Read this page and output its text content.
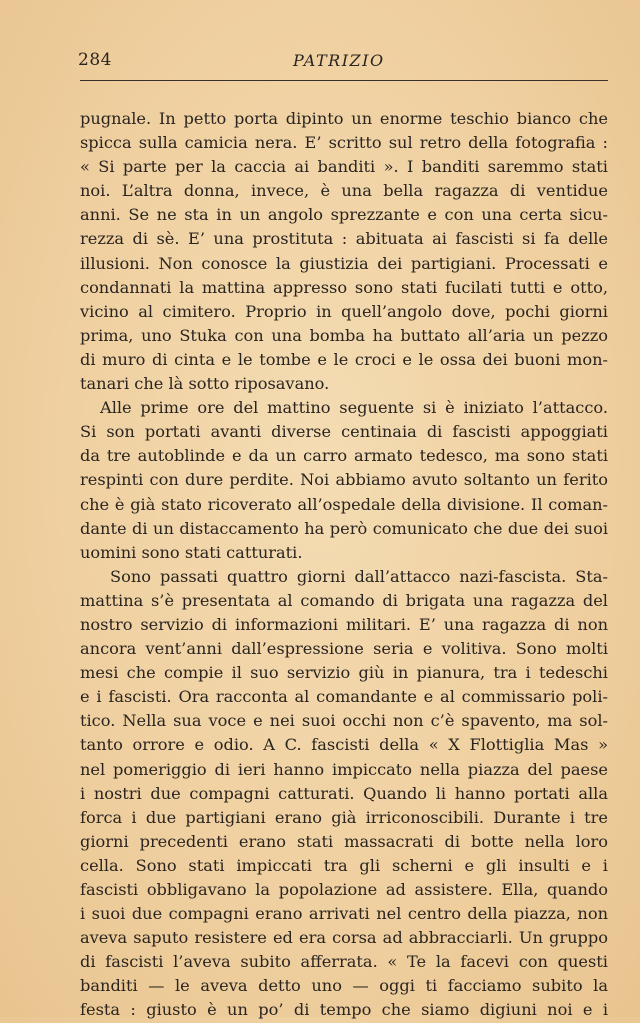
284	PATRIZIO
pugnale. In petto porta dipinto un enorme teschio bianco che
spicca sulla camicia nera. E’ scritto sul retro della fotografia :
« Si parte per la caccia ai banditi ». I banditi saremmo stati
noi. L’altra donna, invece, è una bella ragazza di ventidue
anni. Se ne sta in un angolo sprezzante e con una certa sicu-
rezza di sè. E’ una prostituta : abituata ai fascisti si fa delle
illusioni. Non conosce la giustizia dei partigiani. Processati e
condannati la mattina appresso sono stati fucilati tutti e otto,
vicino al cimitero. Proprio in quell’angolo dove, pochi giorni
prima, uno Stuka con una bomba ha buttato all’aria un pezzo
di muro di cinta e le tombe e le croci e le ossa dei buoni mon-
tanari che là sotto riposavano.
Alle prime ore del mattino seguente si è iniziato l’attacco.
Si son portati avanti diverse centinaia di fascisti appoggiati
da tre autoblinde e da un carro armato tedesco, ma sono stati
respinti con dure perdite. Noi abbiamo avuto soltanto un ferito
che è già stato ricoverato all’ospedale della divisione. Il coman-
dante di un distaccamento ha però comunicato che due dei suoi
uomini sono stati catturati.
Sono passati quattro giorni dall’attacco nazi-fascista. Sta-
mattina s’è presentata al comando di brigata una ragazza del
nostro servizio di informazioni militari. E’ una ragazza di non
ancora vent’anni dall’espressione seria e volitiva. Sono molti
mesi che compie il suo servizio giù in pianura, tra i tedeschi
e i fascisti. Ora racconta al comandante e al commissario poli-
tico. Nella sua voce e nei suoi occhi non c’è spavento, ma sol-
tanto orrore e odio. A C. fascisti della « X Flottiglia Mas »
nel pomeriggio di ieri hanno impiccato nella piazza del paese
i nostri due compagni catturati. Quando li hanno portati alla
forca i due partigiani erano già irriconoscibili. Durante i tre
giorni precedenti erano stati massacrati di botte nella loro
cella. Sono stati impiccati tra gli scherni e gli insulti e i
fascisti obbligavano la popolazione ad assistere. Ella, quando
i suoi due compagni erano arrivati nel centro della piazza, non
aveva saputo resistere ed era corsa ad abbracciarli. Un gruppo
di fascisti l’aveva subito afferrata. « Te la facevi con questi
banditi — le aveva detto uno — oggi ti facciamo subito la
festa : giusto è un po’ di tempo che siamo digiuni noi e i
